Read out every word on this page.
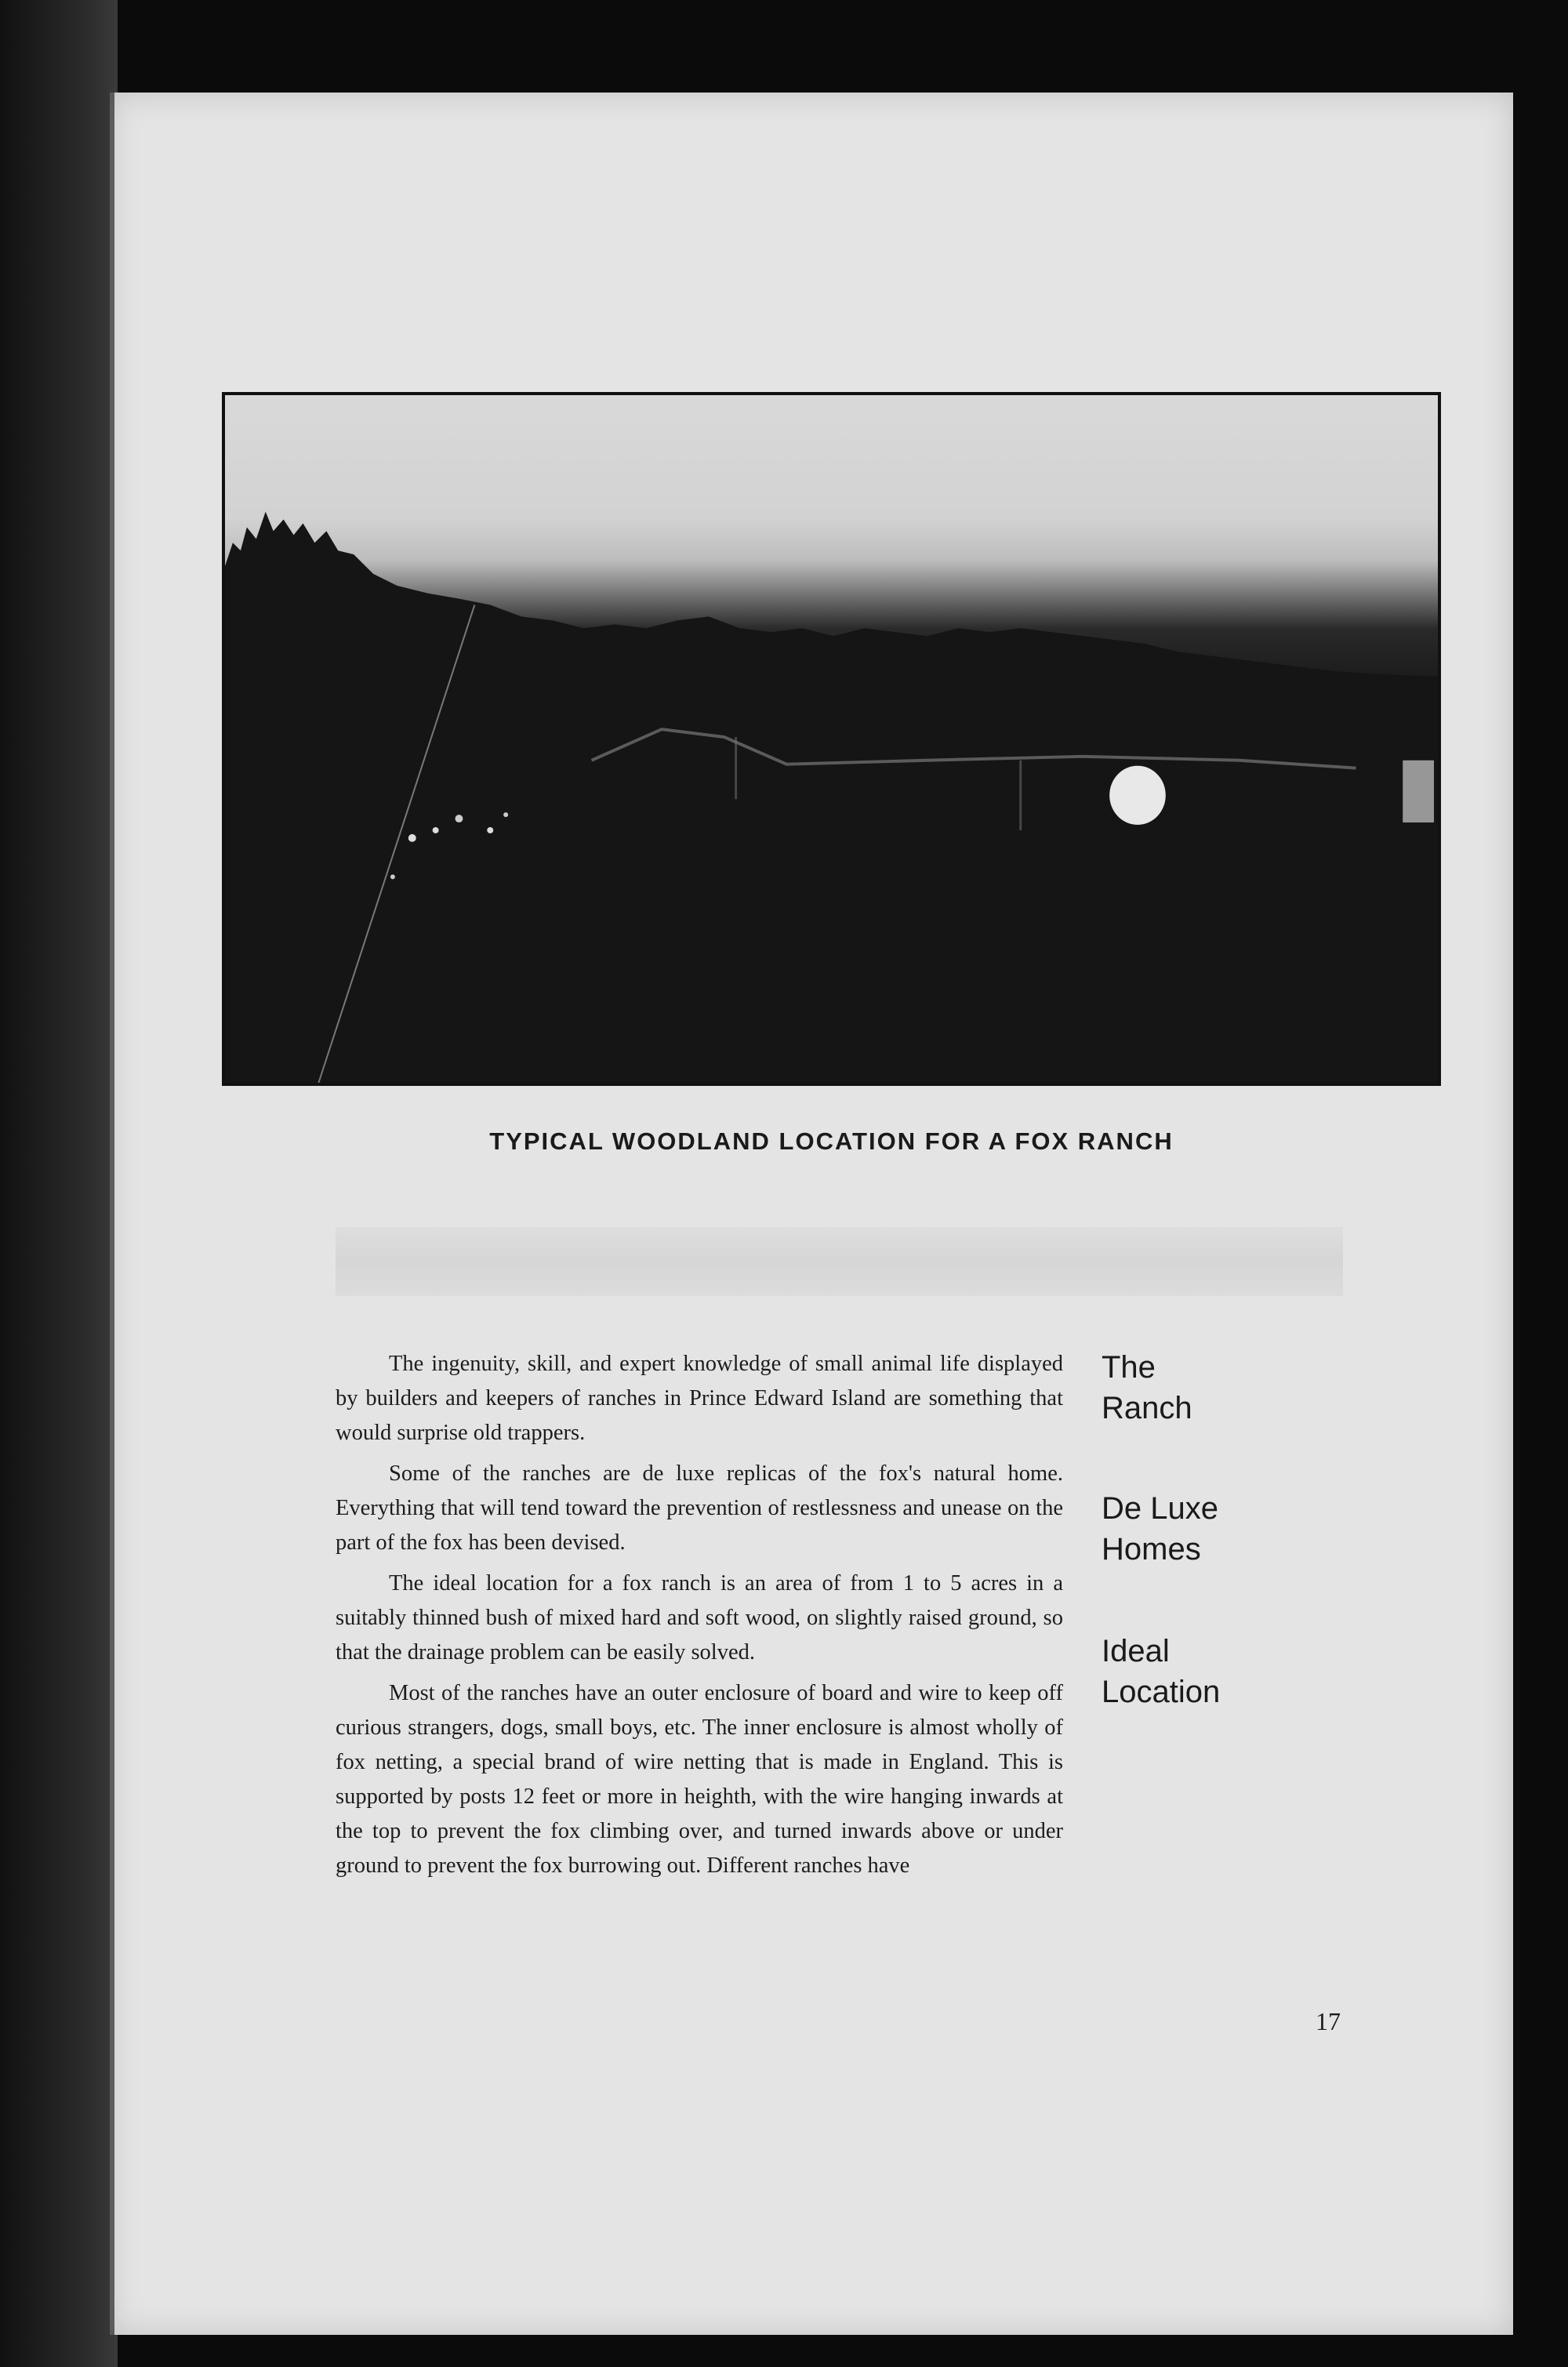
TYPICAL WOODLAND LOCATION FOR A FOX RANCH

The ingenuity, skill, and expert knowledge of small animal life displayed by builders and keepers of ranches in Prince Edward Island are something that would surprise old trappers.

Some of the ranches are de luxe replicas of the fox's natural home. Everything that will tend toward the prevention of restlessness and unease on the part of the fox has been devised.

The ideal location for a fox ranch is an area of from 1 to 5 acres in a suitably thinned bush of mixed hard and soft wood, on slightly raised ground, so that the drainage problem can be easily solved.

Most of the ranches have an outer enclosure of board and wire to keep off curious strangers, dogs, small boys, etc. The inner enclosure is almost wholly of fox netting, a special brand of wire netting that is made in England. This is supported by posts 12 feet or more in heighth, with the wire hanging inwards at the top to prevent the fox climbing over, and turned inwards above or under ground to prevent the fox burrowing out. Different ranches have

The
Ranch
De Luxe
Homes
Ideal
Location
17
